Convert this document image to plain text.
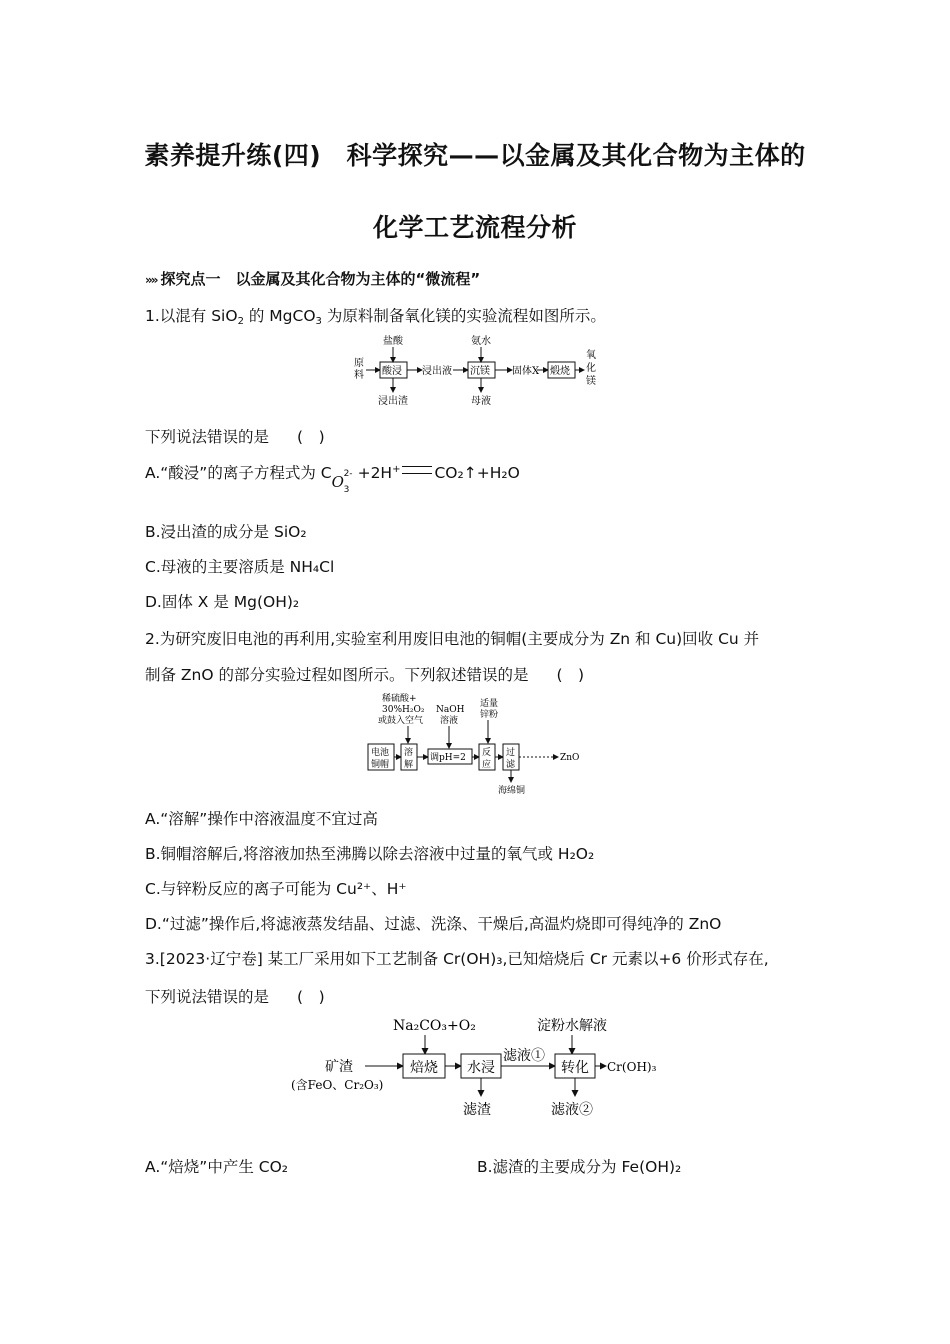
素养提升练(四)　科学探究——以金属及其化合物为主体的
化学工艺流程分析
»» 探究点一　以金属及其化合物为主体的“微流程”
1.以混有 SiO$_2$ 的 MgCO$_3$ 为原料制备氧化镁的实验流程如图所示。
原
料 酸浸
盐酸
浸出渣
浸出液 沉镁
氨水
母液
固体X 煅烧
氧
化
镁
下列说法错误的是 (　)
A.“酸浸”的离子方程式为 C O 3
2- +2H+ CO₂↑+H₂O
B.浸出渣的成分是 SiO₂
C.母液的主要溶质是 NH₄Cl
D.固体 X 是 Mg(OH)₂
2.为研究废旧电池的再利用,实验室利用废旧电池的铜帽(主要成分为 Zn 和 Cu)回收 Cu 并
制备 ZnO 的部分实验过程如图所示。下列叙述错误的是 (　)
稀硫酸+
30%H₂O₂
或鼓入空气
NaOH
溶液
适量
锌粉
电池
铜帽
溶
解
调pH=2 反
应
过
滤
ZnO
海绵铜
A.“溶解”操作中溶液温度不宜过高
B.铜帽溶解后,将溶液加热至沸腾以除去溶液中过量的氧气或 H₂O₂
C.与锌粉反应的离子可能为 Cu²⁺、H⁺
D.“过滤”操作后,将滤液蒸发结晶、过滤、洗涤、干燥后,高温灼烧即可得纯净的 ZnO
3.[2023·辽宁卷] 某工厂采用如下工艺制备 Cr(OH)₃,已知焙烧后 Cr 元素以+6 价形式存在,
下列说法错误的是 (　)
Na₂CO₃+O₂	淀粉水解液
矿渣
(含FeO、Cr₂O₃)
焙烧 水浸
滤液①
转化 Cr(OH)₃
滤渣	滤液②
A.“焙烧”中产生 CO₂	B.滤渣的主要成分为 Fe(OH)₂
